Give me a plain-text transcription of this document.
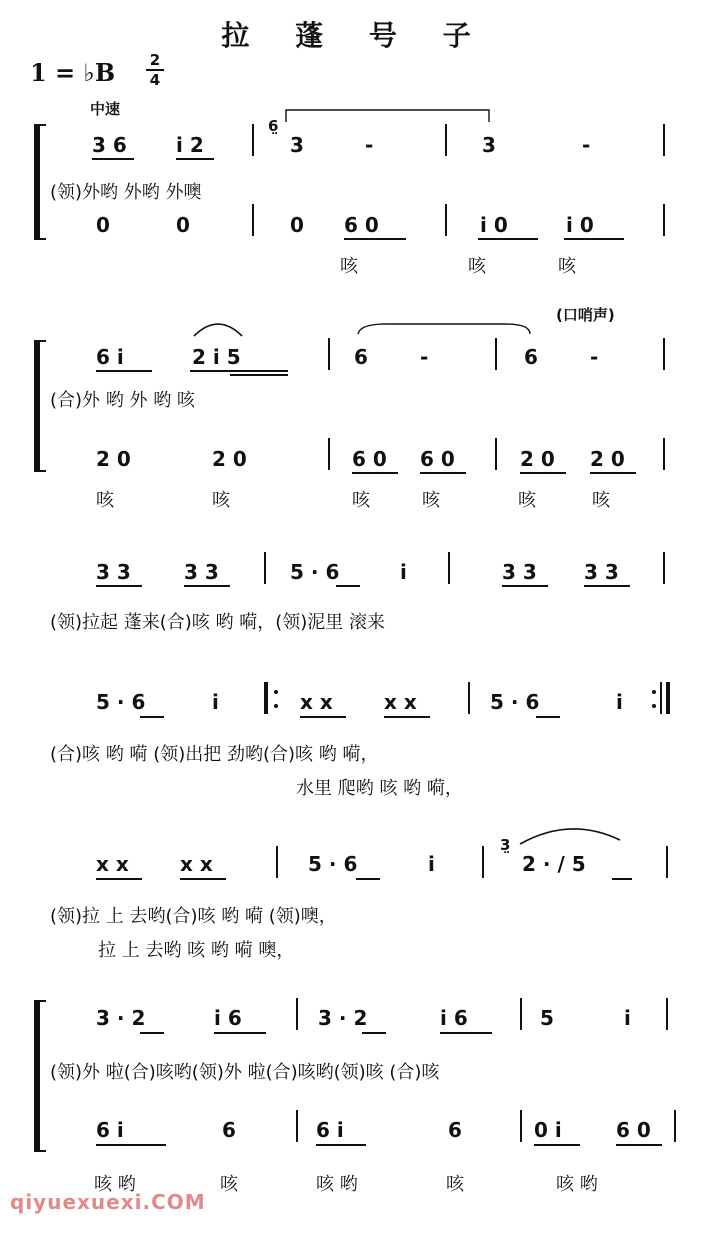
拉 蓬 号 子
1 = ♭B 2
4
中速
3 6 i 2	3	-	3	-
6̤
(领)外哟 外哟 外噢
0	0	0 6 0	i 0	i 0
咳	咳	咳
(口哨声)
6 i	2 i 5	6	-	6	-
(合)外 哟 外 哟 咳
2 0	2 0	6 0 6 0	2 0 2 0
咳	咳	咳	咳	咳	咳
3 3	3 3	5 · 6	i	3 3 3 3
(领)拉起 蓬来(合)咳 哟 嗬，(领)泥里 滚来
5 · 6	i	x x	x x	5 · 6	i
(合)咳 哟 嗬 (领)出把 劲哟(合)咳 哟 嗬，
水里 爬哟 咳 哟 嗬，
x x	x x	5 · 6	i	2 · / 5
3̤
(领)拉 上 去哟(合)咳 哟 嗬 (领)噢，
拉 上 去哟 咳 哟 嗬 噢，
3 · 2	i 6	3 · 2	i 6	5	i
(领)外 啦(合)咳哟(领)外 啦(合)咳哟(领)咳 (合)咳
6 i	6	6 i	6	0 i	6 0
咳 哟	咳	咳 哟	咳	咳 哟
qiyuexuexi.COM
